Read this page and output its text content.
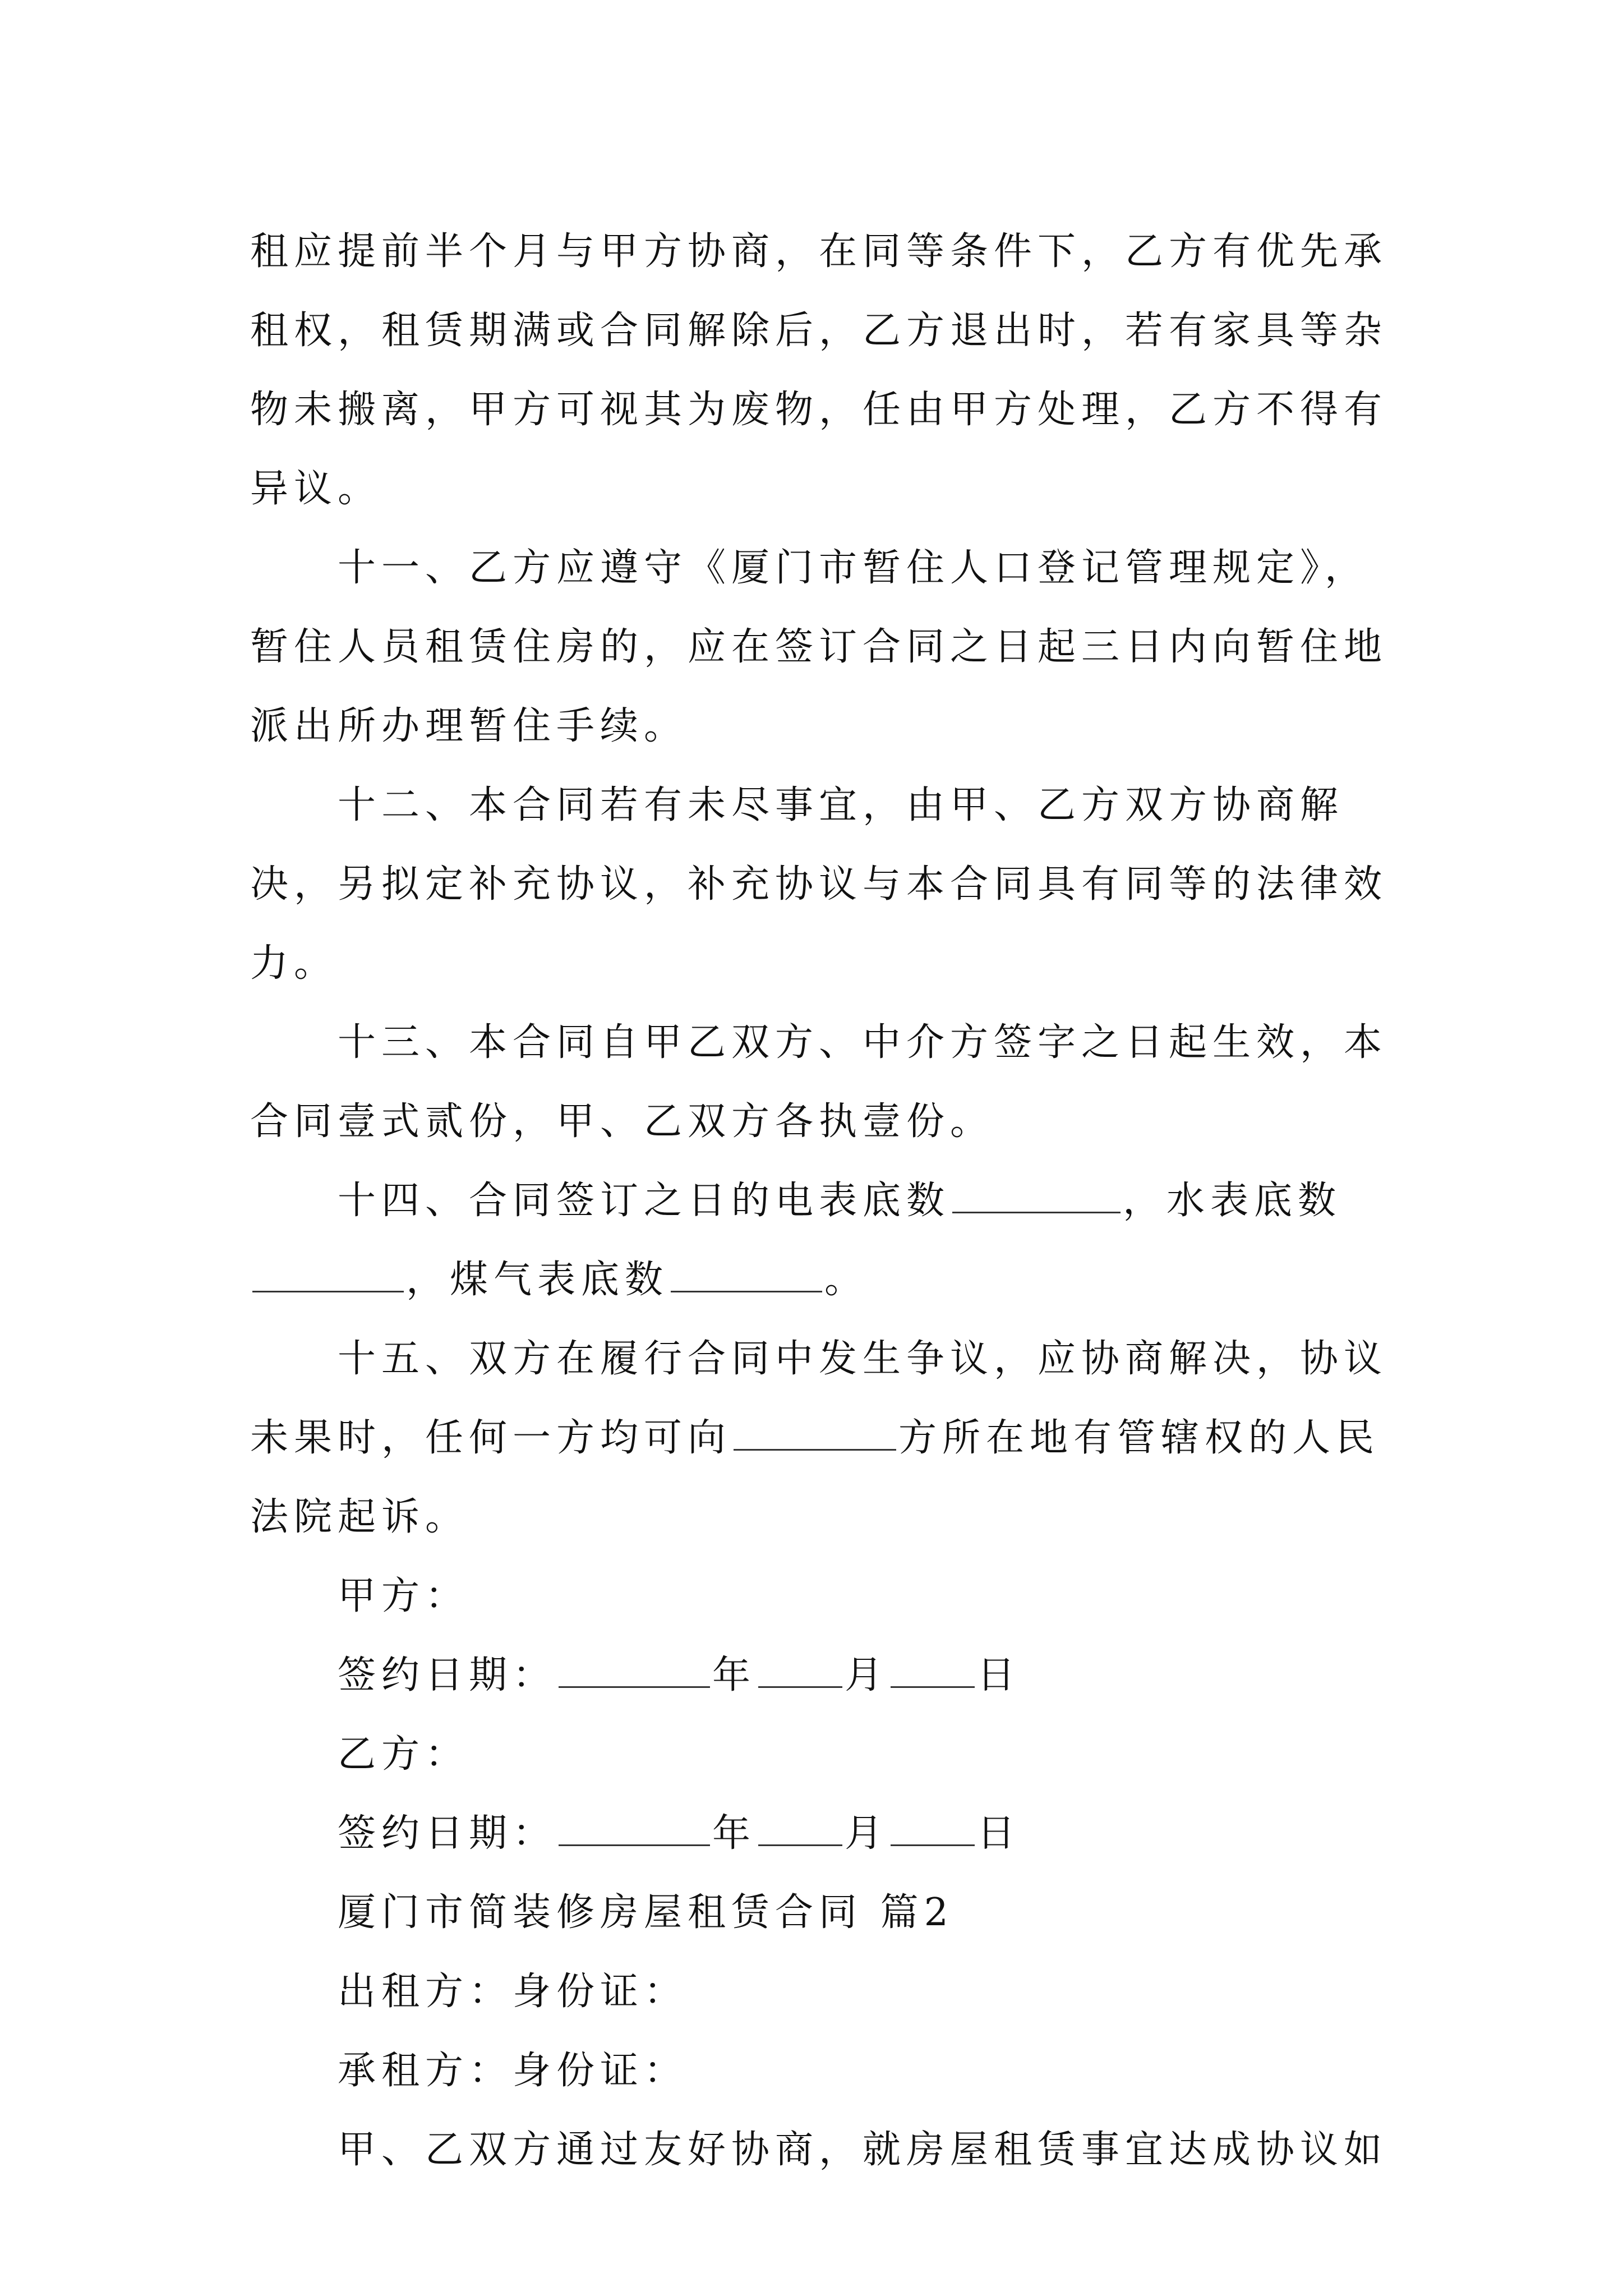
租应提前半个月与甲方协商，在同等条件下，乙方有优先承租权，租赁期满或合同解除后，乙方退出时，若有家具等杂物未搬离，甲方可视其为废物，任由甲方处理，乙方不得有异议。

十一、乙方应遵守《厦门市暂住人口登记管理规定》，暂住人员租赁住房的，应在签订合同之日起三日内向暂住地派出所办理暂住手续。

十二、本合同若有未尽事宜，由甲、乙方双方协商解决，另拟定补充协议，补充协议与本合同具有同等的法律效力。

十三、本合同自甲乙双方、中介方签字之日起生效，本合同壹式贰份，甲、乙双方各执壹份。

十四、合同签订之日的电表底数	，水表底数，煤气表底数	。

十五、双方在履行合同中发生争议，应协商解决，协议未果时，任何一方均可向	方所在地有管辖权的人民法院起诉。

甲方：

签约日期：	年 月 日

乙方：

签约日期：	年 月 日

厦门市简装修房屋租赁合同 篇2

出租方：身份证：

承租方：身份证：

甲、乙双方通过友好协商，就房屋租赁事宜达成协议如
